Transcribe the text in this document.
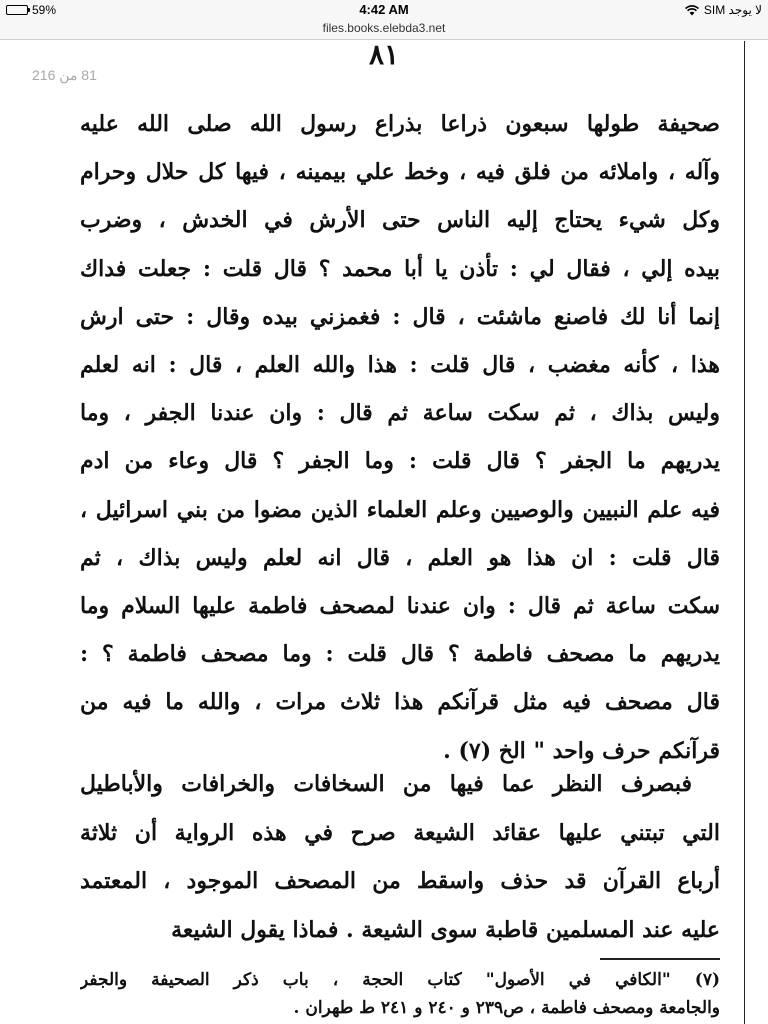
59%	4:42 AM	لا يوجد SIM
files.books.elebda3.net
٨١
81 من 216
صحيفة طولها سبعون ذراعا بذراع رسول الله صلى الله عليه
وآله ، واملائه من فلق فيه ، وخط علي بيمينه ، فيها كل حلال وحرام
وكل شيء يحتاج إليه الناس حتى الأرش في الخدش ، وضرب
بيده إلي ، فقال لي : تأذن يا أبا محمد ؟ قال قلت : جعلت فداك
إنما أنا لك فاصنع ماشئت ، قال : فغمزني بيده وقال : حتى ارش
هذا ، كأنه مغضب ، قال قلت : هذا والله العلم ، قال : انه لعلم
وليس بذاك ، ثم سكت ساعة ثم قال : وان عندنا الجفر ، وما
يدريهم ما الجفر ؟ قال قلت : وما الجفر ؟ قال وعاء من ادم
فيه علم النبيين والوصيين وعلم العلماء الذين مضوا من بني اسرائيل ،
قال قلت : ان هذا هو العلم ، قال انه لعلم وليس بذاك ، ثم
سكت ساعة ثم قال : وان عندنا لمصحف فاطمة عليها السلام وما
يدريهم ما مصحف فاطمة ؟ قال قلت : وما مصحف فاطمة ؟ :
قال مصحف فيه مثل قرآنكم هذا ثلاث مرات ، والله ما فيه من
قرآنكم حرف واحد " الخ (٧) .
فبصرف النظر عما فيها من السخافات والخرافات والأباطيل
التي تبتني عليها عقائد الشيعة صرح في هذه الرواية أن ثلاثة
أرباع القرآن قد حذف واسقط من المصحف الموجود ، المعتمد
عليه عند المسلمين قاطبة سوى الشيعة . فماذا يقول الشيعة
(٧) "الكافي في الأصول" كتاب الحجة ، باب ذكر الصحيفة والجفر
والجامعة ومصحف فاطمة ، ص٢٣٩ و ٢٤٠ و ٢٤١ ط طهران .
